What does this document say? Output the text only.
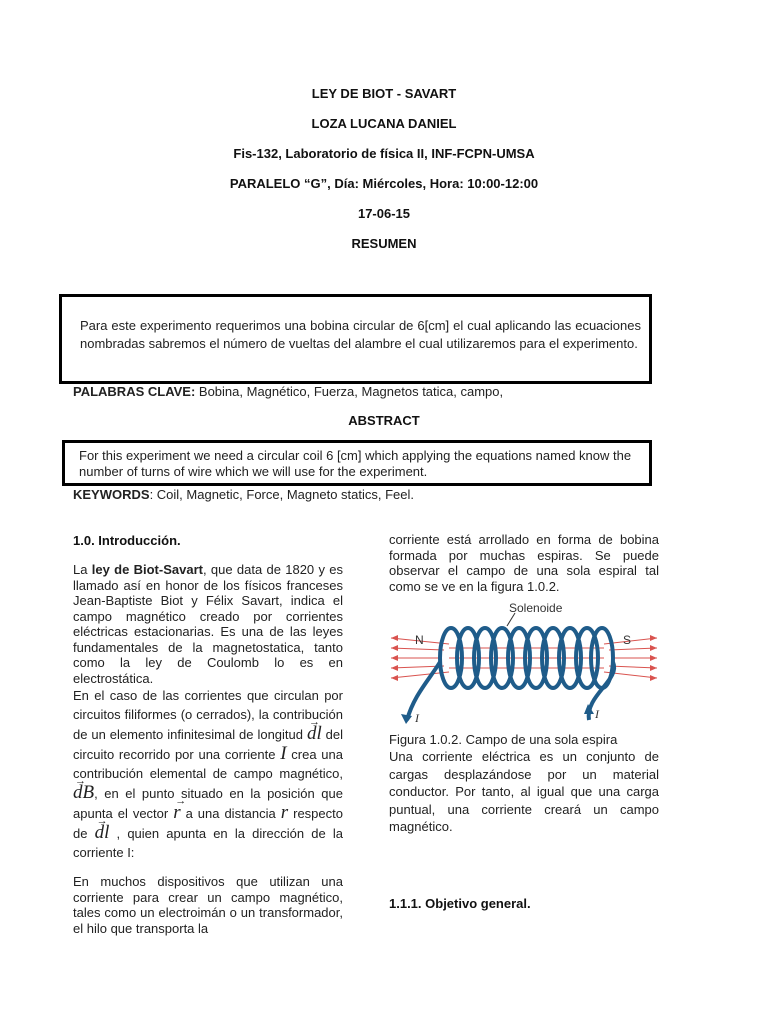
LEY DE BIOT - SAVART
LOZA LUCANA DANIEL
Fis-132, Laboratorio de física II, INF-FCPN-UMSA
PARALELO “G”, Día: Miércoles, Hora: 10:00-12:00
17-06-15
RESUMEN

Para este experimento requerimos una bobina circular de 6[cm] el cual aplicando las ecuaciones nombradas sabremos el número de vueltas del alambre el cual utilizaremos para el experimento.

PALABRAS CLAVE: Bobina, Magnético, Fuerza, Magnetos tatica, campo,
ABSTRACT

For this experiment we need a circular coil 6 [cm] which applying the equations named know the number of turns of wire which we will use for the experiment.

KEYWORDS: Coil, Magnetic, Force, Magneto statics, Feel.
1.0. Introducción.

La ley de Biot-Savart, que data de 1820 y es llamado así en honor de los físicos franceses Jean-Baptiste Biot y Félix Savart, indica el campo magnético creado por corrientes eléctricas estacionarias. Es una de las leyes fundamentales de la magnetostatica, tanto como la ley de Coulomb lo es en electrostática.

En el caso de las corrientes que circulan por circuitos filiformes (o cerrados), la contribución de un elemento infinitesimal de longitud → dl del circuito recorrido por una corriente I crea una contribución elemental de campo magnético, → dB, en el punto situado en la posición que apunta el vector → r a una distancia r respecto de → dl , quien apunta en la dirección de la corriente I:

En muchos dispositivos que utilizan una corriente para crear un campo magnético, tales como un electroimán o un transformador, el hilo que transporta la
corriente está arrollado en forma de bobina formada por muchas espiras. Se puede observar el campo de una sola espiral tal como se ve en la figura 1.0.2.
Solenoide
N	S
I	I
Figura 1.0.2. Campo de una sola espira
Una corriente eléctrica es un conjunto de cargas desplazándose por un material conductor. Por tanto, al igual que una carga puntual, una corriente creará un campo magnético.
1.1.1. Objetivo general.
